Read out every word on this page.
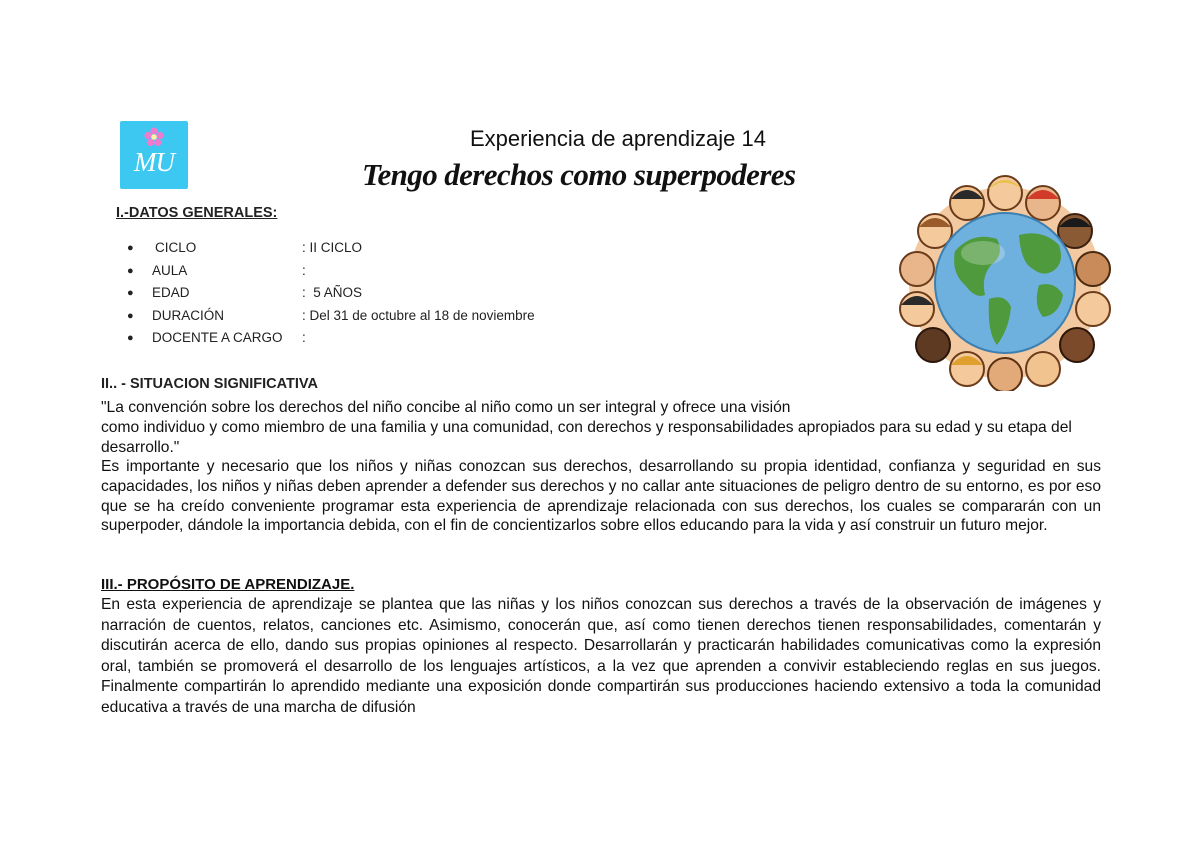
MU
Experiencia de aprendizaje 14
Tengo derechos como superpoderes
I.-DATOS GENERALES:
● CICLO	: II CICLO
● AULA	:
● EDAD	:  5 AÑOS
● DURACIÓN	: Del 31 de octubre al 18 de noviembre
● DOCENTE A CARGO :
II.. - SITUACION SIGNIFICATIVA
"La convención sobre los derechos del niño concibe al niño como un ser integral y ofrece una visión
como individuo y como miembro de una familia y una comunidad, con derechos y responsabilidades apropiados para su edad y su etapa del desarrollo."
Es importante y necesario que los niños y niñas conozcan sus derechos, desarrollando su propia identidad, confianza y seguridad en sus capacidades, los niños y niñas deben aprender a defender sus derechos y no callar ante situaciones de peligro dentro de su entorno, es por eso que se ha creído conveniente programar esta experiencia de aprendizaje relacionada con sus derechos, los cuales se compararán con un superpoder, dándole la importancia debida, con el fin de concientizarlos sobre ellos educando para la vida y así construir un futuro mejor.
III.- PROPÓSITO DE APRENDIZAJE.
En esta experiencia de aprendizaje se plantea que las niñas y los niños conozcan sus derechos a través de la observación de imágenes y narración de cuentos, relatos, canciones etc. Asimismo, conocerán que, así como tienen derechos tienen responsabilidades, comentarán y discutirán acerca de ello, dando sus propias opiniones al respecto. Desarrollarán y practicarán habilidades comunicativas como la expresión oral, también se promoverá el desarrollo de los lenguajes artísticos, a la vez que aprenden a convivir estableciendo reglas en sus juegos. Finalmente compartirán lo aprendido mediante una exposición donde compartirán sus producciones haciendo extensivo a toda la comunidad educativa a través de una marcha de difusión
